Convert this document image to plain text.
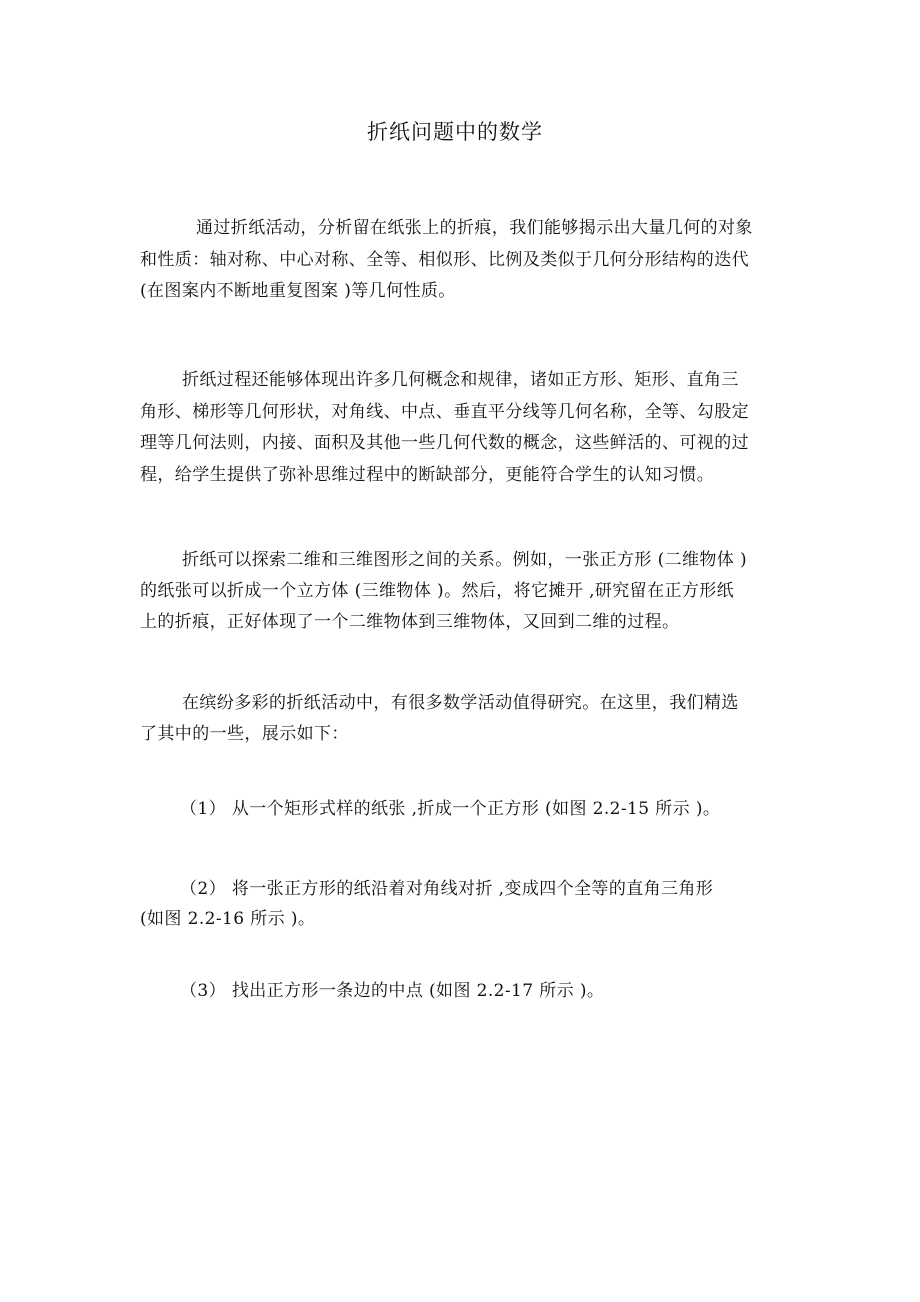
折纸问题中的数学
通过折纸活动，分析留在纸张上的折痕，我们能够揭示出大量几何的对象
和性质：轴对称、中心对称、全等、相似形、比例及类似于几何分形结构的迭代
(在图案内不断地重复图案 )等几何性质。
折纸过程还能够体现出许多几何概念和规律，诸如正方形、矩形、直角三
角形、梯形等几何形状，对角线、中点、垂直平分线等几何名称，全等、勾股定
理等几何法则，内接、面积及其他一些几何代数的概念，这些鲜活的、可视的过
程，给学生提供了弥补思维过程中的断缺部分，更能符合学生的认知习惯。
折纸可以探索二维和三维图形之间的关系。例如，一张正方形 (二维物体 )
的纸张可以折成一个立方体 (三维物体 )。然后，将它摊开 ,研究留在正方形纸
上的折痕，正好体现了一个二维物体到三维物体，又回到二维的过程。
在缤纷多彩的折纸活动中，有很多数学活动值得研究。在这里，我们精选
了其中的一些，展示如下：
（1） 从一个矩形式样的纸张 ,折成一个正方形 (如图 2.2-15 所示 )。
（2） 将一张正方形的纸沿着对角线对折 ,变成四个全等的直角三角形
(如图 2.2-16 所示 )。
（3） 找出正方形一条边的中点 (如图 2.2-17 所示 )。
